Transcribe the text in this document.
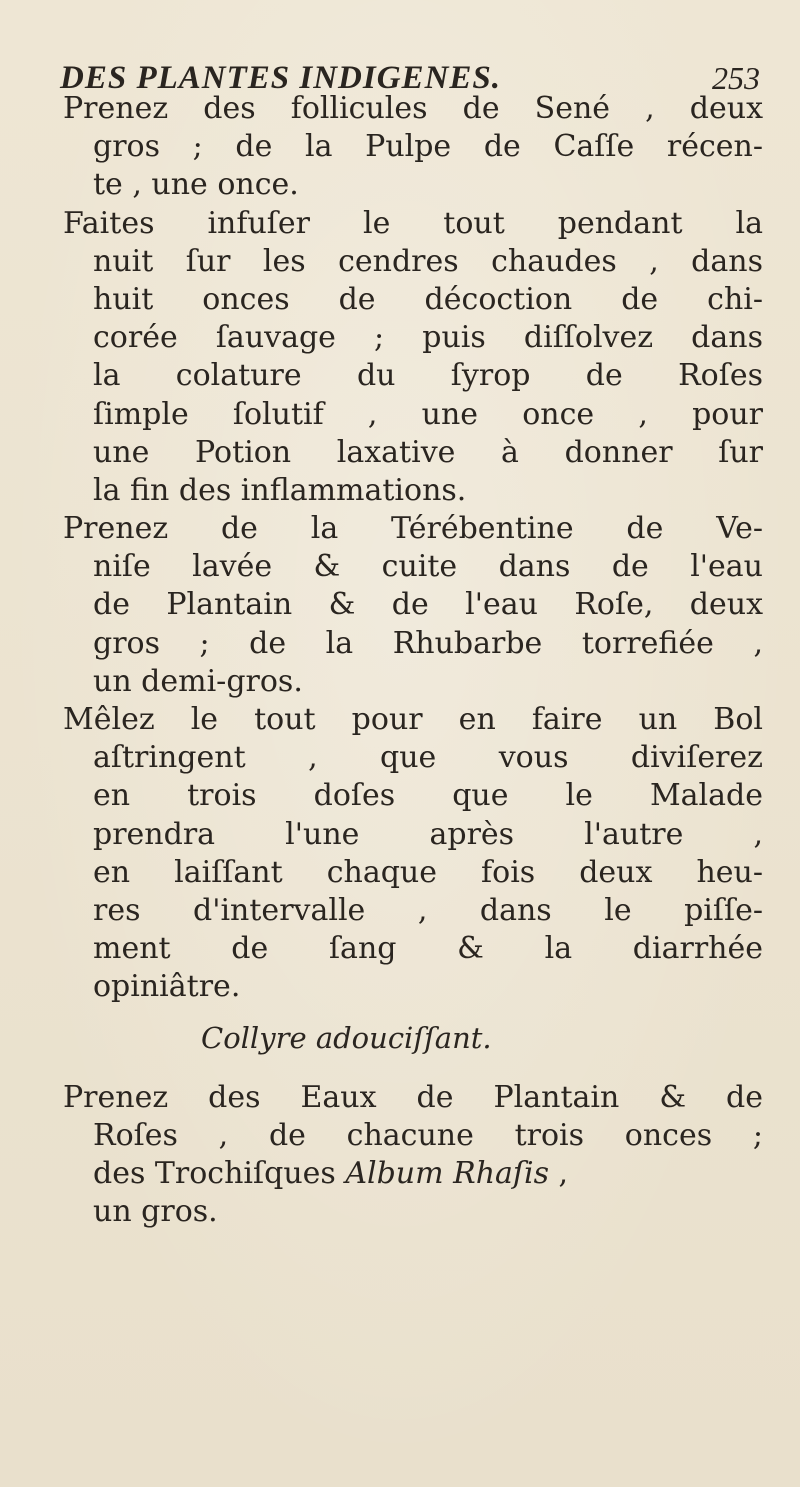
DES PLANTES INDIGENES.	253
Prenez des follicules de Sené , deux
gros ; de la Pulpe de Caſſe récen-
te , une once.
Faites infuſer le tout pendant la
nuit ſur les cendres chaudes , dans
huit onces de décoction de chi-
corée ſauvage ; puis diſſolvez dans
la colature du ſyrop de Roſes
ſimple ſolutif , une once , pour
une Potion laxative à donner ſur
la fin des inflammations.
Prenez de la Térébentine de Ve-
niſe lavée & cuite dans de l'eau
de Plantain & de l'eau Roſe, deux
gros ; de la Rhubarbe torrefiée ,
un demi-gros.
Mêlez le tout pour en faire un Bol
aſtringent , que vous diviſerez
en trois doſes que le Malade
prendra l'une après l'autre ,
en laiſſant chaque fois deux heu-
res d'intervalle , dans le piſſe-
ment de ſang & la diarrhée
opiniâtre.
Collyre adouciſſant.
Prenez des Eaux de Plantain & de
Roſes , de chacune trois onces ;
des Trochiſques Album Rhaſis ,
un gros.
